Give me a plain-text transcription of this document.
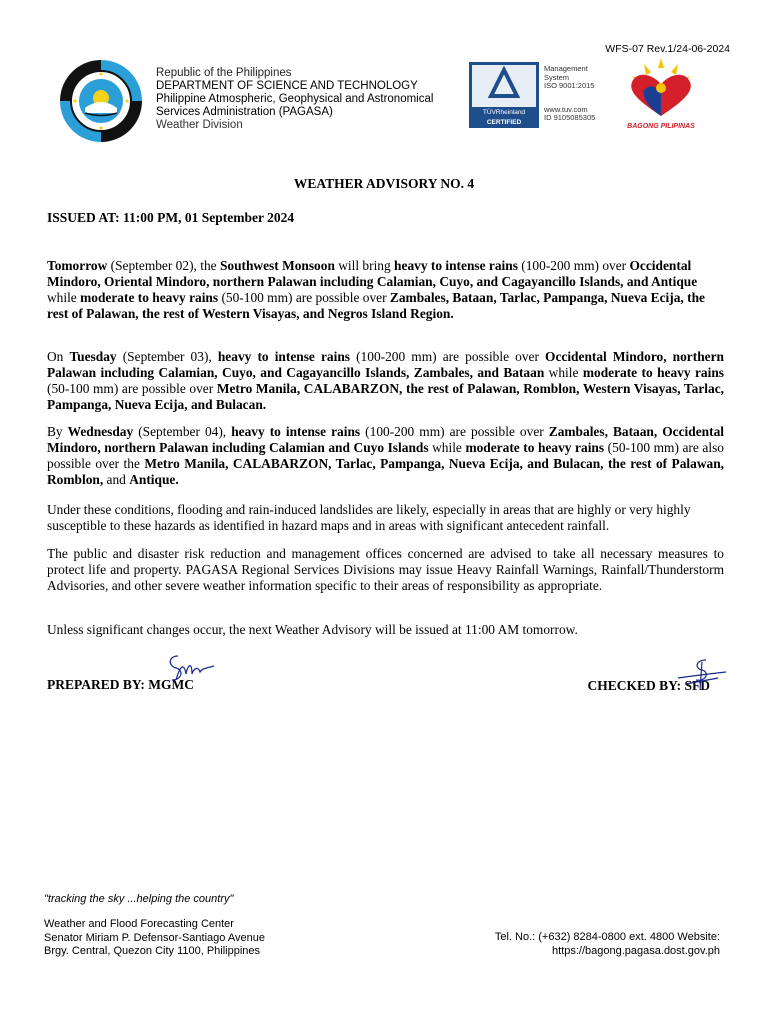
WFS-07 Rev.1/24-06-2024
Republic of the Philippines
DEPARTMENT OF SCIENCE AND TECHNOLOGY
Philippine Atmospheric, Geophysical and Astronomical
Services Administration (PAGASA)
Weather Division
TÜVRheinland
CERTIFIED
Management
System
ISO 9001:2015
www.tuv.com
ID 9105085305
BAGONG PILIPINAS
WEATHER ADVISORY NO. 4
ISSUED AT: 11:00 PM, 01 September 2024
Tomorrow (September 02), the Southwest Monsoon will bring heavy to intense rains (100-200 mm) over Occidental Mindoro, Oriental Mindoro, northern Palawan including Calamian, Cuyo, and Cagayancillo Islands, and Antique while moderate to heavy rains (50-100 mm) are possible over Zambales, Bataan, Tarlac, Pampanga, Nueva Ecija, the rest of Palawan, the rest of Western Visayas, and Negros Island Region.
On Tuesday (September 03), heavy to intense rains (100-200 mm) are possible over Occidental Mindoro, northern Palawan including Calamian, Cuyo, and Cagayancillo Islands, Zambales, and Bataan while moderate to heavy rains (50-100 mm) are possible over Metro Manila, CALABARZON, the rest of Palawan, Romblon, Western Visayas, Tarlac, Pampanga, Nueva Ecija, and Bulacan.
By Wednesday (September 04), heavy to intense rains (100-200 mm) are possible over Zambales, Bataan, Occidental Mindoro, northern Palawan including Calamian and Cuyo Islands while moderate to heavy rains (50-100 mm) are also possible over the Metro Manila, CALABARZON, Tarlac, Pampanga, Nueva Ecija, and Bulacan, the rest of Palawan, Romblon, and Antique.
Under these conditions, flooding and rain-induced landslides are likely, especially in areas that are highly or very highly susceptible to these hazards as identified in hazard maps and in areas with significant antecedent rainfall.
The public and disaster risk reduction and management offices concerned are advised to take all necessary measures to protect life and property. PAGASA Regional Services Divisions may issue Heavy Rainfall Warnings, Rainfall/Thunderstorm Advisories, and other severe weather information specific to their areas of responsibility as appropriate.
Unless significant changes occur, the next Weather Advisory will be issued at 11:00 AM tomorrow.
PREPARED BY: MGMC	CHECKED BY: SFD
"tracking the sky ...helping the country"
Weather and Flood Forecasting Center
Senator Miriam P. Defensor-Santiago Avenue
Brgy. Central, Quezon City 1100, Philippines
Tel. No.: (+632) 8284-0800 ext. 4800 Website:
https://bagong.pagasa.dost.gov.ph
